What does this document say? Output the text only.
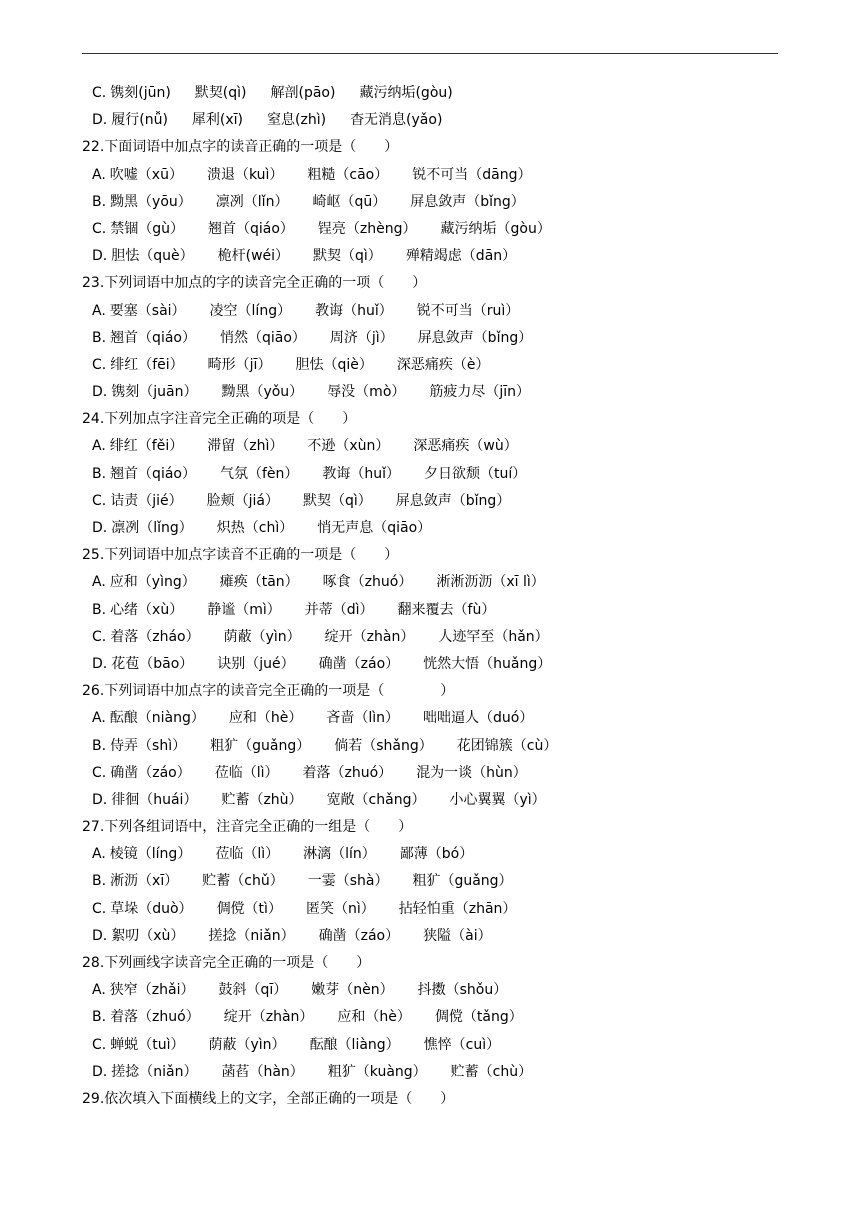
C. 镌刻(jūn) 默契(qì) 解剖(pāo) 藏污纳垢(gòu)
D. 履行(nǚ) 犀利(xī) 窒息(zhì) 杳无消息(yǎo)
22.下面词语中加点字的读音正确的一项是（　　）
A. 吹嘘（xū） 溃退（kuì） 粗糙（cāo） 锐不可当（dāng）
B. 黝黑（yōu） 凛冽（lǐn） 崎岖（qū） 屏息敛声（bǐng）
C. 禁锢（gù） 翘首（qiáo） 锃亮（zhèng） 藏污纳垢（gòu）
D. 胆怯（què） 桅杆(wéi） 默契（qì） 殚精竭虑（dān）
23.下列词语中加点的字的读音完全正确的一项（　　）
A. 要塞（sài） 凌空（líng） 教诲（huǐ） 锐不可当（ruì）
B. 翘首（qiáo） 悄然（qiāo） 周济（jì） 屏息敛声（bǐng）
C. 绯红（fēi） 畸形（jī） 胆怯（qiè） 深恶痛疾（è）
D. 镌刻（juān） 黝黑（yǒu） 辱没（mò） 筋疲力尽（jīn）
24.下列加点字注音完全正确的项是（　　）
A. 绯红（fěi） 滞留（zhì） 不逊（xùn） 深恶痛疾（wù）
B. 翘首（qiáo） 气氛（fèn） 教诲（huǐ） 夕日欲颓（tuí）
C. 诘责（jié） 脸颊（jiá） 默契（qì） 屏息敛声（bǐng）
D. 凛冽（lǐng） 炽热（chì） 悄无声息（qiāo）
25.下列词语中加点字读音不正确的一项是（　　）
A. 应和（yìng） 瘫痪（tān） 啄食（zhuó） 淅淅沥沥（xī lì）
B. 心绪（xù） 静谧（mì） 并蒂（dì） 翻来覆去（fù）
C. 着落（zháo） 荫蔽（yìn） 绽开（zhàn） 人迹罕至（hǎn）
D. 花苞（bāo） 诀别（jué） 确凿（záo） 恍然大悟（huǎng）
26.下列词语中加点字的读音完全正确的一项是（　　　　）
A. 酝酿（niàng） 应和（hè） 吝啬（lìn） 咄咄逼人（duó）
B. 侍弄（shì） 粗犷（guǎng） 倘若（shǎng） 花团锦簇（cù）
C. 确凿（záo） 莅临（lì） 着落（zhuó） 混为一谈（hùn）
D. 徘徊（huái） 贮蓄（zhù） 宽敞（chǎng） 小心翼翼（yì）
27.下列各组词语中，注音完全正确的一组是（　　）
A. 棱镜（líng） 莅临（lì） 淋漓（lín） 鄙薄（bó）
B. 淅沥（xī） 贮蓄（chǔ） 一霎（shà） 粗犷（guǎng）
C. 草垛（duò） 倜傥（tì） 匿笑（nì） 拈轻怕重（zhān）
D. 絮叨（xù） 搓捻（niǎn） 确凿（záo） 狭隘（ài）
28.下列画线字读音完全正确的一项是（　　）
A. 狭窄（zhǎi） 鼓斜（qī） 嫩芽（nèn） 抖擞（shǒu）
B. 着落（zhuó） 绽开（zhàn） 应和（hè） 倜傥（tǎng）
C. 蝉蜕（tuì） 荫蔽（yìn） 酝酿（liàng） 憔悴（cuì）
D. 搓捻（niǎn） 菡萏（hàn） 粗犷（kuàng） 贮蓄（chù）
29.依次填入下面横线上的文字，全部正确的一项是（　　）
